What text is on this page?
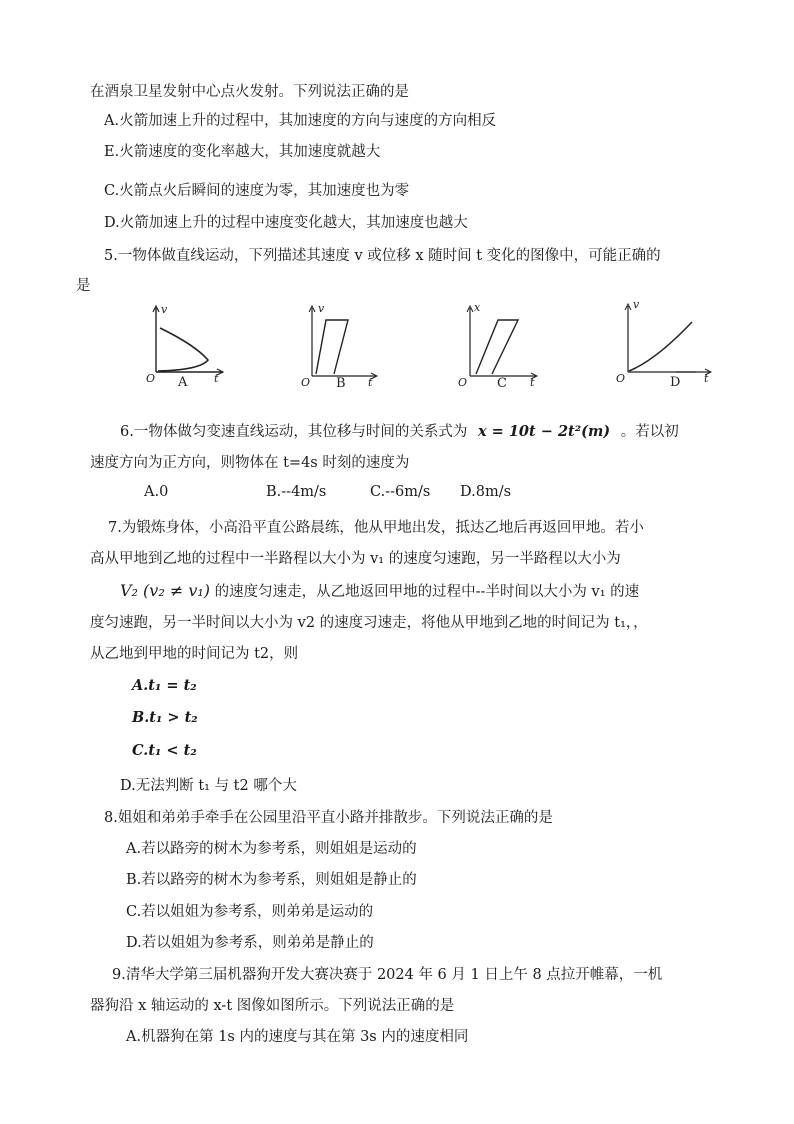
在酒泉卫星发射中心点火发射。下列说法正确的是
A.火箭加速上升的过程中，其加速度的方向与速度的方向相反
E.火箭速度的变化率越大，其加速度就越大
C.火箭点火后瞬间的速度为零，其加速度也为零
D.火箭加速上升的过程中速度变化越大，其加速度也越大
5.一物体做直线运动，下列描述其速度 v 或位移 x 随时间 t 变化的图像中，可能正确的
是
v
O	t
A
v
O	t
B
x
O	t
C
v
O	t
D
6.一物体做匀变速直线运动，其位移与时间的关系式为 x = 10t − 2t²(m) 。若以初
速度方向为正方向，则物体在 t=4s 时刻的速度为
A.0	B.--4m/s	C.--6m/s D.8m/s
7.为锻炼身体，小高沿平直公路晨练，他从甲地出发，抵达乙地后再返回甲地。若小
高从甲地到乙地的过程中一半路程以大小为 v₁ 的速度匀速跑，另一半路程以大小为
V₂ (v₂ ≠ v₁) 的速度匀速走，从乙地返回甲地的过程中--半时间以大小为 v₁ 的速
度匀速跑，另一半时间以大小为 v2 的速度习速走，将他从甲地到乙地的时间记为 t₁，，
从乙地到甲地的时间记为 t2，则
A.t₁ = t₂
B.t₁ > t₂
C.t₁ < t₂
D.无法判断 t₁ 与 t2 哪个大
8.姐姐和弟弟手牵手在公园里沿平直小路并排散步。下列说法正确的是
A.若以路旁的树木为参考系，则姐姐是运动的
B.若以路旁的树木为参考系，则姐姐是静止的
C.若以姐姐为参考系，则弟弟是运动的
D.若以姐姐为参考系，则弟弟是静止的
9.清华大学第三届机器狗开发大赛决赛于 2024 年 6 月 1 日上午 8 点拉开帷幕，一机
器狗沿 x 轴运动的 x-t 图像如图所示。下列说法正确的是
A.机器狗在第 1s 内的速度与其在第 3s 内的速度相同
